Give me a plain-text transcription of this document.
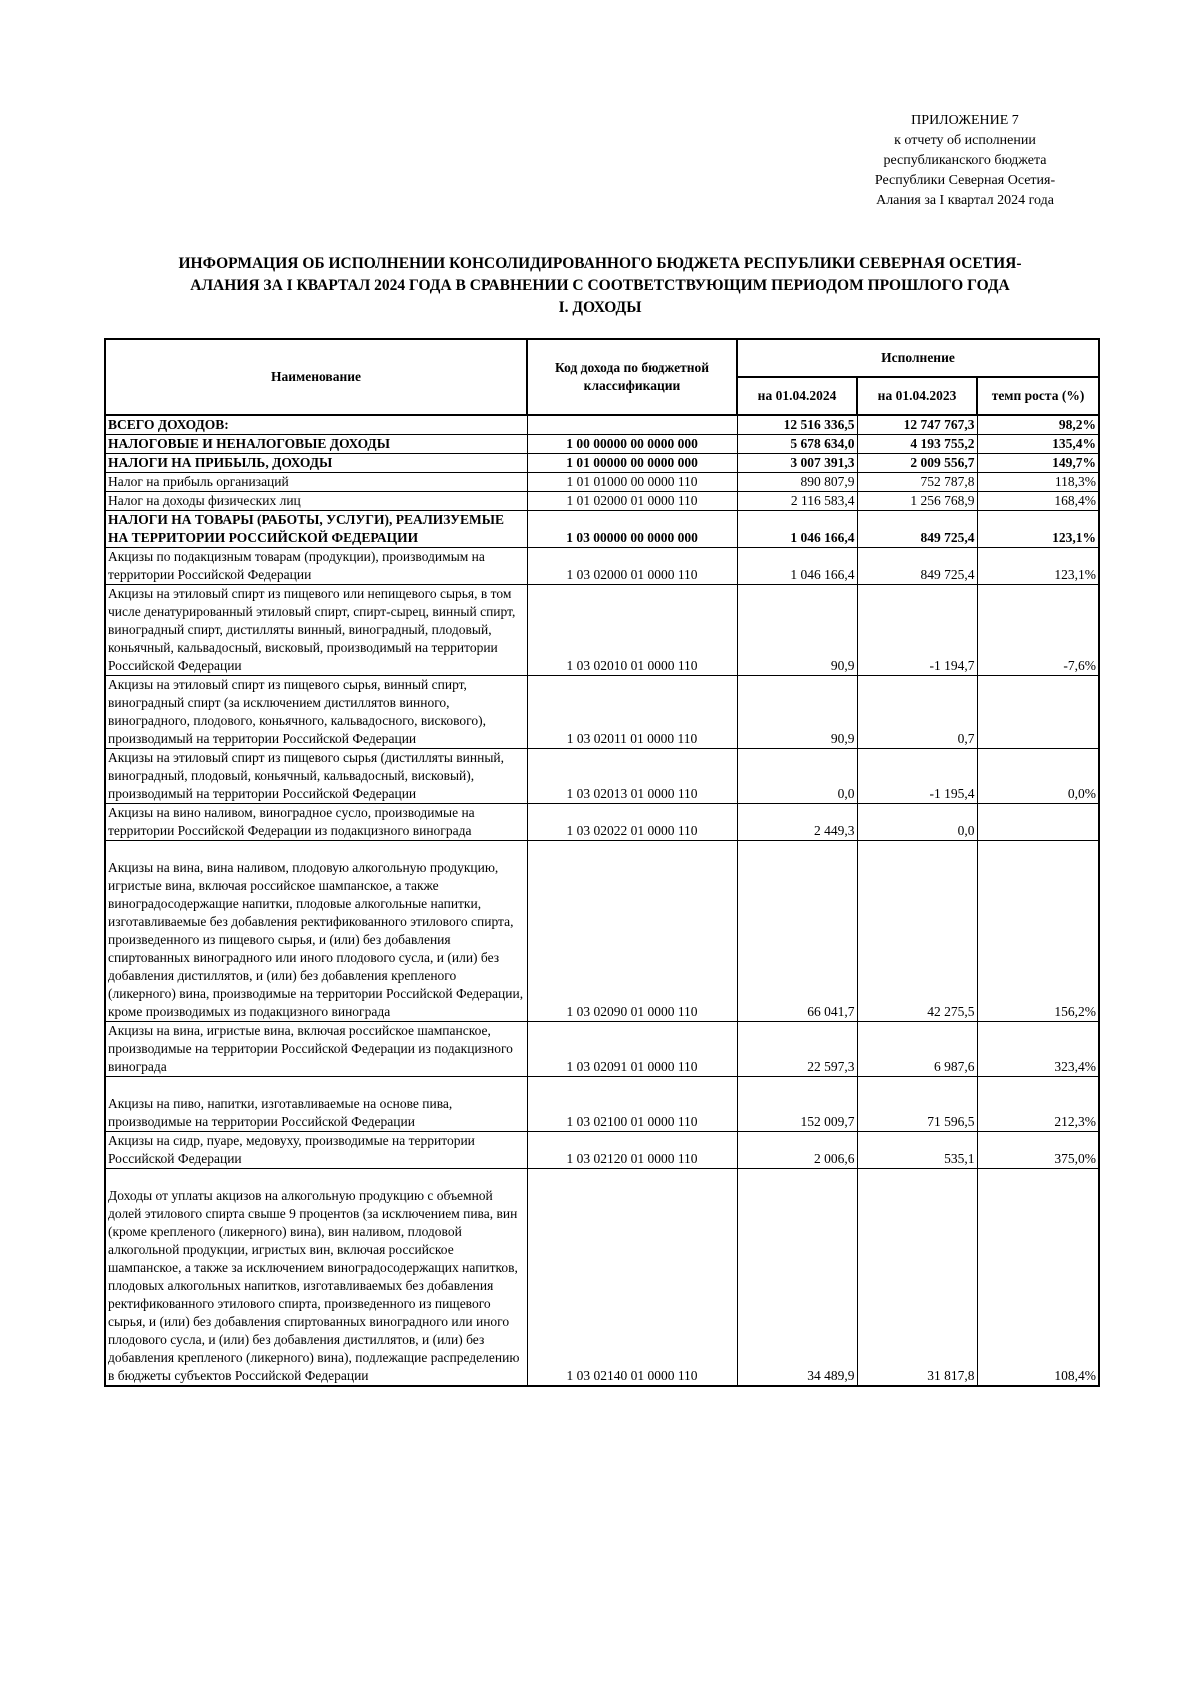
ПРИЛОЖЕНИЕ 7
к отчету об исполнении
республиканского бюджета
Республики Северная Осетия-
Алания за I квартал 2024 года
ИНФОРМАЦИЯ ОБ ИСПОЛНЕНИИ КОНСОЛИДИРОВАННОГО БЮДЖЕТА РЕСПУБЛИКИ СЕВЕРНАЯ ОСЕТИЯ-
АЛАНИЯ ЗА I КВАРТАЛ 2024 ГОДА В СРАВНЕНИИ С СООТВЕТСТВУЮЩИМ ПЕРИОДОМ ПРОШЛОГО ГОДА
I. ДОХОДЫ
Наименование	Код дохода по бюджетной классификации	Исполнение		
		на 01.04.2024	на 01.04.2023	темп роста (%)
ВСЕГО ДОХОДОВ:		12 516 336,5	12 747 767,3	98,2%
НАЛОГОВЫЕ И НЕНАЛОГОВЫЕ ДОХОДЫ	1 00 00000 00 0000 000	5 678 634,0	4 193 755,2	135,4%
НАЛОГИ НА ПРИБЫЛЬ, ДОХОДЫ	1 01 00000 00 0000 000	3 007 391,3	2 009 556,7	149,7%
Налог на прибыль организаций	1 01 01000 00 0000 110	890 807,9	752 787,8	118,3%
Налог на доходы физических лиц	1 01 02000 01 0000 110	2 116 583,4	1 256 768,9	168,4%
НАЛОГИ НА ТОВАРЫ (РАБОТЫ, УСЛУГИ), РЕАЛИЗУЕМЫЕ НА ТЕРРИТОРИИ РОССИЙСКОЙ ФЕДЕРАЦИИ	1 03 00000 00 0000 000	1 046 166,4	849 725,4	123,1%
Акцизы по подакцизным товарам (продукции), производимым на территории Российской Федерации	1 03 02000 01 0000 110	1 046 166,4	849 725,4	123,1%
Акцизы на этиловый спирт из пищевого или непищевого сырья, в том числе денатурированный этиловый спирт, спирт-сырец, винный спирт, виноградный спирт, дистилляты винный, виноградный, плодовый, коньячный, кальвадосный, висковый, производимый на территории Российской Федерации	1 03 02010 01 0000 110	90,9	-1 194,7	-7,6%
Акцизы на этиловый спирт из пищевого сырья, винный спирт, виноградный спирт (за исключением дистиллятов винного, виноградного, плодового, коньячного, кальвадосного, вискового), производимый на территории Российской Федерации	1 03 02011 01 0000 110	90,9	0,7	
Акцизы на этиловый спирт из пищевого сырья (дистилляты винный, виноградный, плодовый, коньячный, кальвадосный, висковый), производимый на территории Российской Федерации	1 03 02013 01 0000 110	0,0	-1 195,4	0,0%
Акцизы на вино наливом, виноградное сусло, производимые на территории Российской Федерации из подакцизного винограда	1 03 02022 01 0000 110	2 449,3	0,0	
Акцизы на вина, вина наливом, плодовую алкогольную продукцию, игристые вина, включая российское шампанское, а также виноградосодержащие напитки, плодовые алкогольные напитки, изготавливаемые без добавления ректификованного этилового спирта, произведенного из пищевого сырья, и (или) без добавления спиртованных виноградного или иного плодового сусла, и (или) без добавления дистиллятов, и (или) без добавления крепленого (ликерного) вина, производимые на территории Российской Федерации, кроме производимых из подакцизного винограда	1 03 02090 01 0000 110	66 041,7	42 275,5	156,2%
Акцизы на вина, игристые вина, включая российское шампанское, производимые на территории Российской Федерации из подакцизного винограда	1 03 02091 01 0000 110	22 597,3	6 987,6	323,4%
Акцизы на пиво, напитки, изготавливаемые на основе пива, производимые на территории Российской Федерации	1 03 02100 01 0000 110	152 009,7	71 596,5	212,3%
Акцизы на сидр, пуаре, медовуху, производимые на территории Российской Федерации	1 03 02120 01 0000 110	2 006,6	535,1	375,0%
Доходы от уплаты акцизов на алкогольную продукцию с объемной долей этилового спирта свыше 9 процентов (за исключением пива, вин (кроме крепленого (ликерного) вина), вин наливом, плодовой алкогольной продукции, игристых вин, включая российское шампанское, а также за исключением виноградосодержащих напитков, плодовых алкогольных напитков, изготавливаемых без добавления ректификованного этилового спирта, произведенного из пищевого сырья, и (или) без добавления спиртованных виноградного или иного плодового сусла, и (или) без добавления дистиллятов, и (или) без добавления крепленого (ликерного) вина), подлежащие распределению в бюджеты субъектов Российской Федерации	1 03 02140 01 0000 110	34 489,9	31 817,8	108,4%
